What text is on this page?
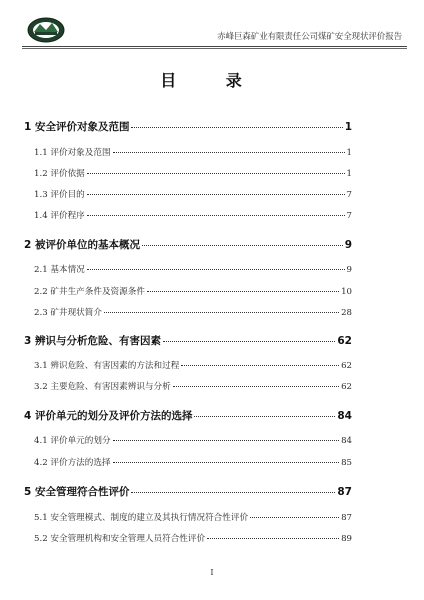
赤峰巨森矿业有限责任公司煤矿安全现状评价报告
目 录
1 安全评价对象及范围	1
1.1 评价对象及范围	1
1.2 评价依据	1
1.3 评价目的	7
1.4 评价程序	7
2 被评价单位的基本概况	9
2.1 基本情况	9
2.2 矿井生产条件及资源条件	10
2.3 矿井现状简介	28
3 辨识与分析危险、有害因素	62
3.1 辨识危险、有害因素的方法和过程	62
3.2 主要危险、有害因素辨识与分析	62
4 评价单元的划分及评价方法的选择	84
4.1 评价单元的划分	84
4.2 评价方法的选择	85
5 安全管理符合性评价	87
5.1 安全管理模式、制度的建立及其执行情况符合性评价	87
5.2 安全管理机构和安全管理人员符合性评价	89
I
